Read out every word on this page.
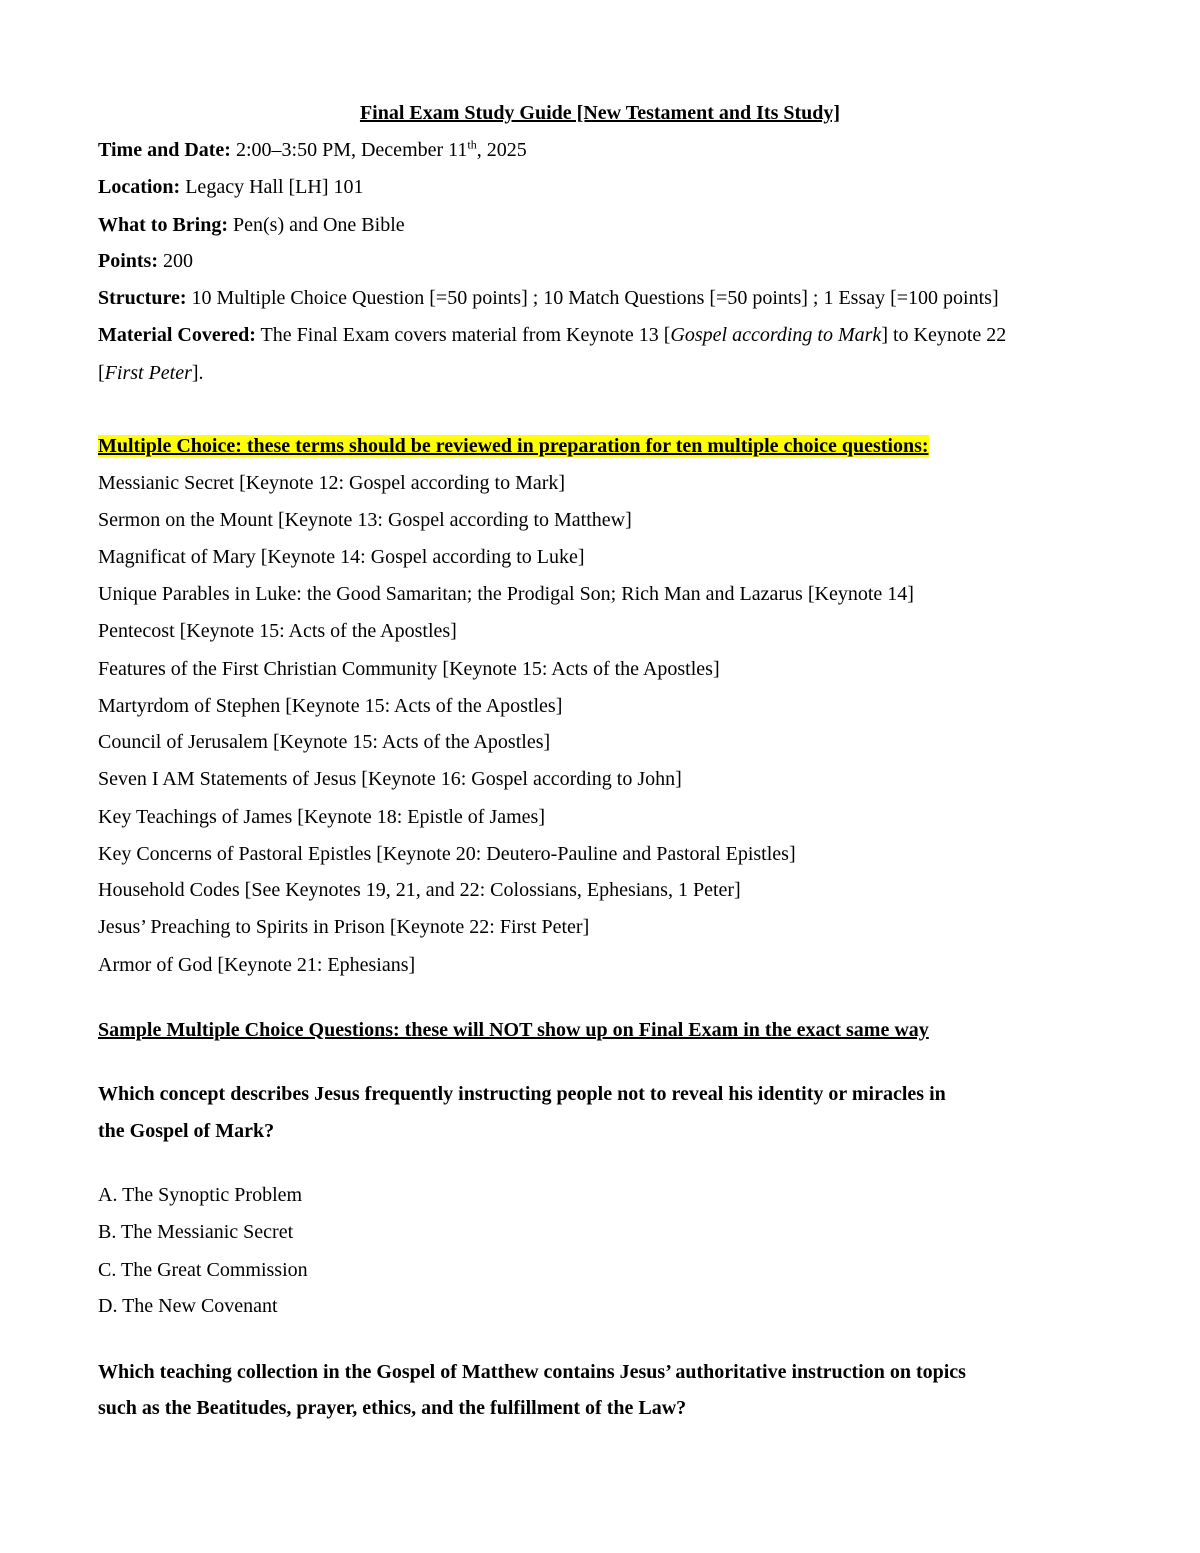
Final Exam Study Guide [New Testament and Its Study]
Time and Date: 2:00–3:50 PM, December 11th, 2025
Location: Legacy Hall [LH] 101
What to Bring: Pen(s) and One Bible
Points: 200
Structure: 10 Multiple Choice Question [=50 points] ; 10 Match Questions [=50 points] ; 1 Essay [=100 points]
Material Covered: The Final Exam covers material from Keynote 13 [Gospel according to Mark] to Keynote 22
[First Peter].
Multiple Choice: these terms should be reviewed in preparation for ten multiple choice questions:
Messianic Secret [Keynote 12: Gospel according to Mark]
Sermon on the Mount [Keynote 13: Gospel according to Matthew]
Magnificat of Mary [Keynote 14: Gospel according to Luke]
Unique Parables in Luke: the Good Samaritan; the Prodigal Son; Rich Man and Lazarus [Keynote 14]
Pentecost [Keynote 15: Acts of the Apostles]
Features of the First Christian Community [Keynote 15: Acts of the Apostles]
Martyrdom of Stephen [Keynote 15: Acts of the Apostles]
Council of Jerusalem [Keynote 15: Acts of the Apostles]
Seven I AM Statements of Jesus [Keynote 16: Gospel according to John]
Key Teachings of James [Keynote 18: Epistle of James]
Key Concerns of Pastoral Epistles [Keynote 20: Deutero-Pauline and Pastoral Epistles]
Household Codes [See Keynotes 19, 21, and 22: Colossians, Ephesians, 1 Peter]
Jesus’ Preaching to Spirits in Prison [Keynote 22: First Peter]
Armor of God [Keynote 21: Ephesians]
Sample Multiple Choice Questions: these will NOT show up on Final Exam in the exact same way
Which concept describes Jesus frequently instructing people not to reveal his identity or miracles in
the Gospel of Mark?
A. The Synoptic Problem
B. The Messianic Secret
C. The Great Commission
D. The New Covenant
Which teaching collection in the Gospel of Matthew contains Jesus’ authoritative instruction on topics
such as the Beatitudes, prayer, ethics, and the fulfillment of the Law?
